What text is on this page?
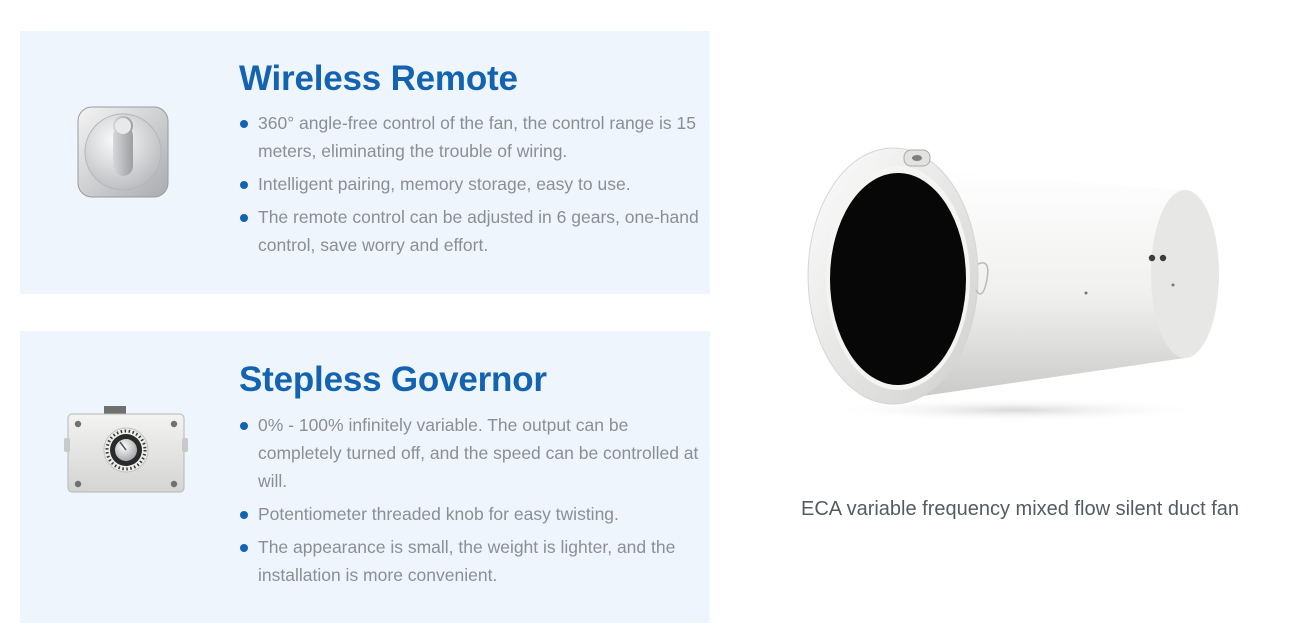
Wireless Remote
360° angle-free control of the fan, the control range is 15 meters, eliminating the trouble of wiring.
Intelligent pairing, memory storage, easy to use.
The remote control can be adjusted in 6 gears, one-hand control, save worry and effort.
Stepless Governor
0% - 100% infinitely variable. The output can be completely turned off, and the speed can be controlled at will.
Potentiometer threaded knob for easy twisting.
The appearance is small, the weight is lighter, and the installation is more convenient.

ECA variable frequency mixed flow silent duct fan
